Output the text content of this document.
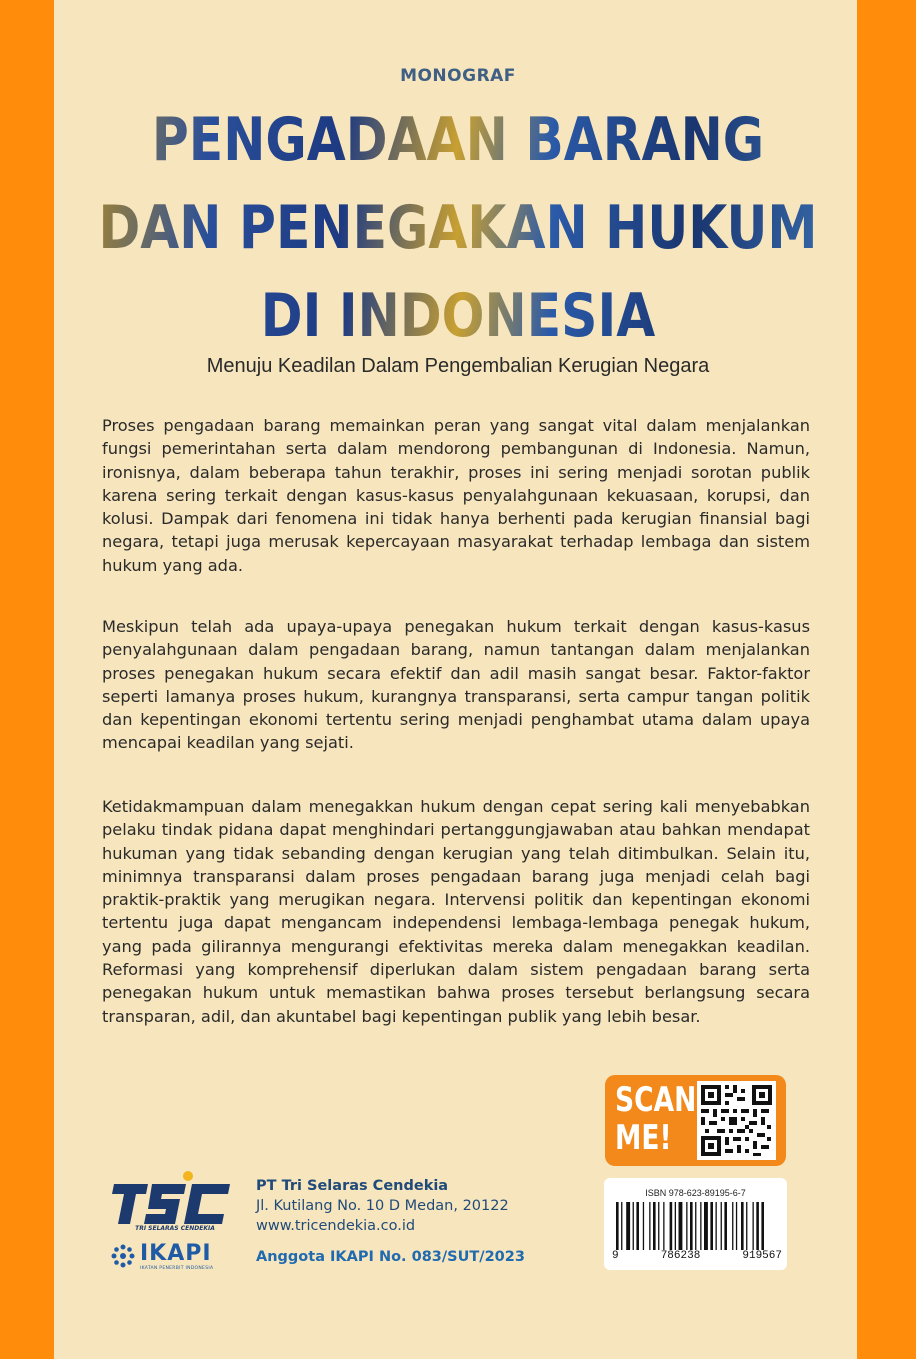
MONOGRAF
PENGADAAN BARANG
DAN PENEGAKAN HUKUM
DI INDONESIA
Menuju Keadilan Dalam Pengembalian Kerugian Negara

Proses pengadaan barang memainkan peran yang sangat vital dalam menjalankan fungsi pemerintahan serta dalam mendorong pembangunan di Indonesia. Namun, ironisnya, dalam beberapa tahun terakhir, proses ini sering menjadi sorotan publik karena sering terkait dengan kasus-kasus penyalahgunaan kekuasaan, korupsi, dan kolusi. Dampak dari fenomena ini tidak hanya berhenti pada kerugian finansial bagi negara, tetapi juga merusak kepercayaan masyarakat terhadap lembaga dan sistem hukum yang ada.

Meskipun telah ada upaya-upaya penegakan hukum terkait dengan kasus-kasus penyalahgunaan dalam pengadaan barang, namun tantangan dalam menjalankan proses penegakan hukum secara efektif dan adil masih sangat besar. Faktor-faktor seperti lamanya proses hukum, kurangnya transparansi, serta campur tangan politik dan kepentingan ekonomi tertentu sering menjadi penghambat utama dalam upaya mencapai keadilan yang sejati.

Ketidakmampuan dalam menegakkan hukum dengan cepat sering kali menyebabkan pelaku tindak pidana dapat menghindari pertanggungjawaban atau bahkan mendapat hukuman yang tidak sebanding dengan kerugian yang telah ditimbulkan. Selain itu, minimnya transparansi dalam proses pengadaan barang juga menjadi celah bagi praktik-praktik yang merugikan negara. Intervensi politik dan kepentingan ekonomi tertentu juga dapat mengancam independensi lembaga-lembaga penegak hukum, yang pada gilirannya mengurangi efektivitas mereka dalam menegakkan keadilan. Reformasi yang komprehensif diperlukan dalam sistem pengadaan barang serta penegakan hukum untuk memastikan bahwa proses tersebut berlangsung secara transparan, adil, dan akuntabel bagi kepentingan publik yang lebih besar.

SCAN
ME!
ISBN 978-623-89195-6-7
9	786238	919567
TRI SELARAS CENDEKIA
IKAPI
IKATAN PENERBIT INDONESIA
PT Tri Selaras Cendekia
Jl. Kutilang No. 10 D Medan, 20122
www.tricendekia.co.id
Anggota IKAPI No. 083/SUT/2023
